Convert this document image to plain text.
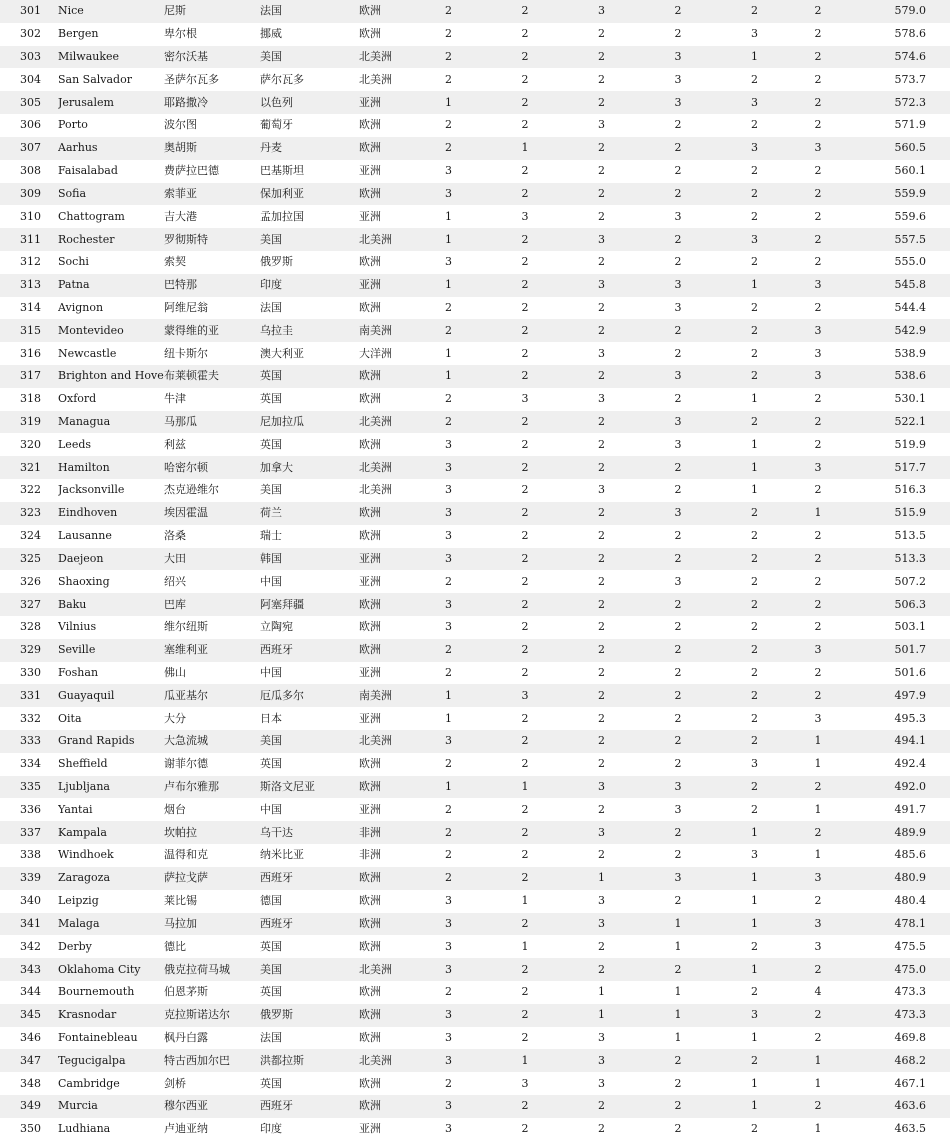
301	Nice	尼斯	法国	欧洲	2	2	3	2	2	2	579.0
302	Bergen	卑尔根	挪威	欧洲	2	2	2	2	3	2	578.6
303	Milwaukee	密尔沃基	美国	北美洲	2	2	2	3	1	2	574.6
304	San Salvador	圣萨尔瓦多	萨尔瓦多	北美洲	2	2	2	3	2	2	573.7
305	Jerusalem	耶路撒冷	以色列	亚洲	1	2	2	3	3	2	572.3
306	Porto	波尔图	葡萄牙	欧洲	2	2	3	2	2	2	571.9
307	Aarhus	奥胡斯	丹麦	欧洲	2	1	2	2	3	3	560.5
308	Faisalabad	费萨拉巴德	巴基斯坦	亚洲	3	2	2	2	2	2	560.1
309	Sofia	索菲亚	保加利亚	欧洲	3	2	2	2	2	2	559.9
310	Chattogram	吉大港	孟加拉国	亚洲	1	3	2	3	2	2	559.6
311	Rochester	罗彻斯特	美国	北美洲	1	2	3	2	3	2	557.5
312	Sochi	索契	俄罗斯	欧洲	3	2	2	2	2	2	555.0
313	Patna	巴特那	印度	亚洲	1	2	3	3	1	3	545.8
314	Avignon	阿维尼翁	法国	欧洲	2	2	2	3	2	2	544.4
315	Montevideo	蒙得维的亚	乌拉圭	南美洲	2	2	2	2	2	3	542.9
316	Newcastle	纽卡斯尔	澳大利亚	大洋洲	1	2	3	2	2	3	538.9
317	Brighton and Hove	布莱顿霍夫	英国	欧洲	1	2	2	3	2	3	538.6
318	Oxford	牛津	英国	欧洲	2	3	3	2	1	2	530.1
319	Managua	马那瓜	尼加拉瓜	北美洲	2	2	2	3	2	2	522.1
320	Leeds	利兹	英国	欧洲	3	2	2	3	1	2	519.9
321	Hamilton	哈密尔顿	加拿大	北美洲	3	2	2	2	1	3	517.7
322	Jacksonville	杰克逊维尔	美国	北美洲	3	2	3	2	1	2	516.3
323	Eindhoven	埃因霍温	荷兰	欧洲	3	2	2	3	2	1	515.9
324	Lausanne	洛桑	瑞士	欧洲	3	2	2	2	2	2	513.5
325	Daejeon	大田	韩国	亚洲	3	2	2	2	2	2	513.3
326	Shaoxing	绍兴	中国	亚洲	2	2	2	3	2	2	507.2
327	Baku	巴库	阿塞拜疆	欧洲	3	2	2	2	2	2	506.3
328	Vilnius	维尔纽斯	立陶宛	欧洲	3	2	2	2	2	2	503.1
329	Seville	塞维利亚	西班牙	欧洲	2	2	2	2	2	3	501.7
330	Foshan	佛山	中国	亚洲	2	2	2	2	2	2	501.6
331	Guayaquil	瓜亚基尔	厄瓜多尔	南美洲	1	3	2	2	2	2	497.9
332	Oita	大分	日本	亚洲	1	2	2	2	2	3	495.3
333	Grand Rapids	大急流城	美国	北美洲	3	2	2	2	2	1	494.1
334	Sheffield	谢菲尔德	英国	欧洲	2	2	2	2	3	1	492.4
335	Ljubljana	卢布尔雅那	斯洛文尼亚	欧洲	1	1	3	3	2	2	492.0
336	Yantai	烟台	中国	亚洲	2	2	2	3	2	1	491.7
337	Kampala	坎帕拉	乌干达	非洲	2	2	3	2	1	2	489.9
338	Windhoek	温得和克	纳米比亚	非洲	2	2	2	2	3	1	485.6
339	Zaragoza	萨拉戈萨	西班牙	欧洲	2	2	1	3	1	3	480.9
340	Leipzig	莱比锡	德国	欧洲	3	1	3	2	1	2	480.4
341	Malaga	马拉加	西班牙	欧洲	3	2	3	1	1	3	478.1
342	Derby	德比	英国	欧洲	3	1	2	1	2	3	475.5
343	Oklahoma City	俄克拉荷马城	美国	北美洲	3	2	2	2	1	2	475.0
344	Bournemouth	伯恩茅斯	英国	欧洲	2	2	1	1	2	4	473.3
345	Krasnodar	克拉斯诺达尔	俄罗斯	欧洲	3	2	1	1	3	2	473.3
346	Fontainebleau	枫丹白露	法国	欧洲	3	2	3	1	1	2	469.8
347	Tegucigalpa	特古西加尔巴	洪都拉斯	北美洲	3	1	3	2	2	1	468.2
348	Cambridge	剑桥	英国	欧洲	2	3	3	2	1	1	467.1
349	Murcia	穆尔西亚	西班牙	欧洲	3	2	2	2	1	2	463.6
350	Ludhiana	卢迪亚纳	印度	亚洲	3	2	2	2	2	1	463.5
